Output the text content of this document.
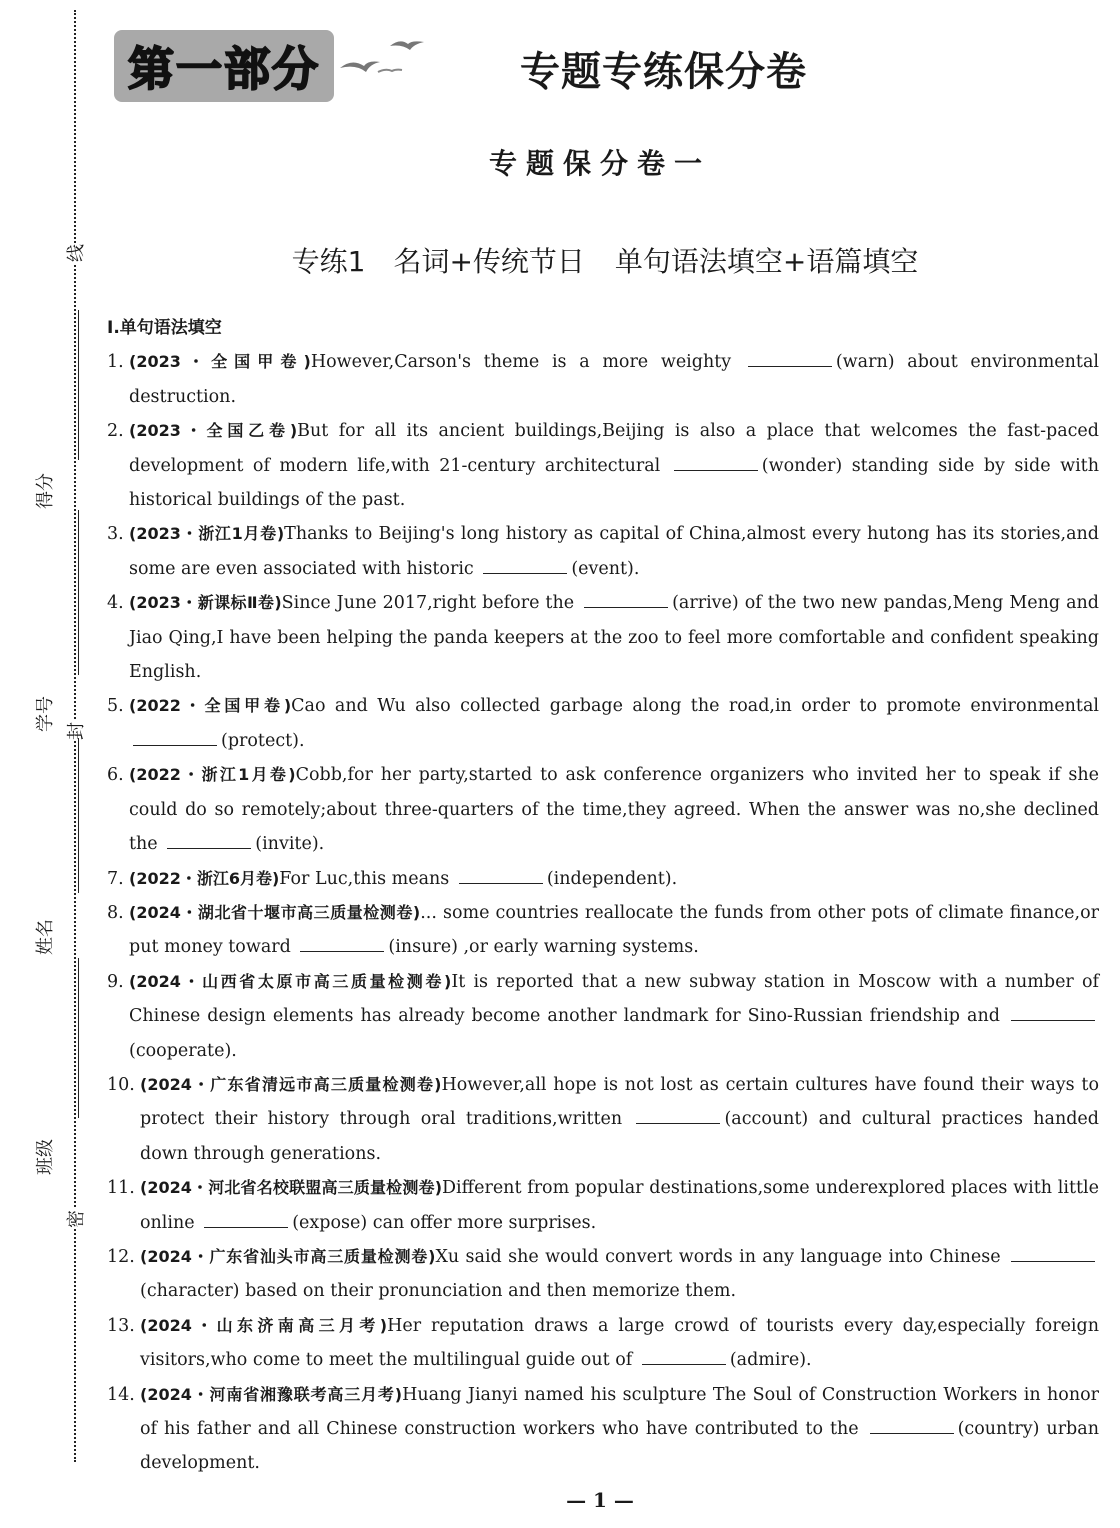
线
封
密
得分
学号
姓名
班级
第一部分	专题专练保分卷
专题保分卷一
专练1　名词+传统节日 单句语法填空+语篇填空
Ⅰ.单句语法填空
1. (2023・全国甲卷)However,Carson's theme is a more weighty	(warn) about environmental destruction.
2. (2023・全国乙卷)But for all its ancient buildings,Beijing is also a place that welcomes the fast-paced development of modern life,with 21-century architectural	(wonder) standing side by side with historical buildings of the past.
3. (2023・浙江1月卷)Thanks to Beijing's long history as capital of China,almost every hutong has its stories,and some are even associated with historic	(event).
4. (2023・新课标Ⅱ卷)Since June 2017,right before the	(arrive) of the two new pandas,Meng Meng and Jiao Qing,I have been helping the panda keepers at the zoo to feel more comfortable and confident speaking English.
5. (2022・全国甲卷)Cao and Wu also collected garbage along the road,in order to promote environmental (protect).
6. (2022・浙江1月卷)Cobb,for her party,started to ask conference organizers who invited her to speak if she could do so remotely;about three-quarters of the time,they agreed. When the answer was no,she declined the	(invite).
7. (2022・浙江6月卷)For Luc,this means	(independent).
8. (2024・湖北省十堰市高三质量检测卷)... some countries reallocate the funds from other pots of climate finance,or put money toward	(insure) ,or early warning systems.
9. (2024・山西省太原市高三质量检测卷)It is reported that a new subway station in Moscow with a number of Chinese design elements has already become another landmark for Sino-Russian friendship and (cooperate).
10. (2024・广东省清远市高三质量检测卷)However,all hope is not lost as certain cultures have found their ways to protect their history through oral traditions,written	(account) and cultural practices handed down through generations.
11. (2024・河北省名校联盟高三质量检测卷)Different from popular destinations,some underexplored places with little online	(expose) can offer more surprises.
12. (2024・广东省汕头市高三质量检测卷)Xu said she would convert words in any language into Chinese (character) based on their pronunciation and then memorize them.
13. (2024・山东济南高三月考)Her reputation draws a large crowd of tourists every day,especially foreign visitors,who come to meet the multilingual guide out of	(admire).
14. (2024・河南省湘豫联考高三月考)Huang Jianyi named his sculpture The Soul of Construction Workers in honor of his father and all Chinese construction workers who have contributed to the	(country) urban development.
— 1 —
